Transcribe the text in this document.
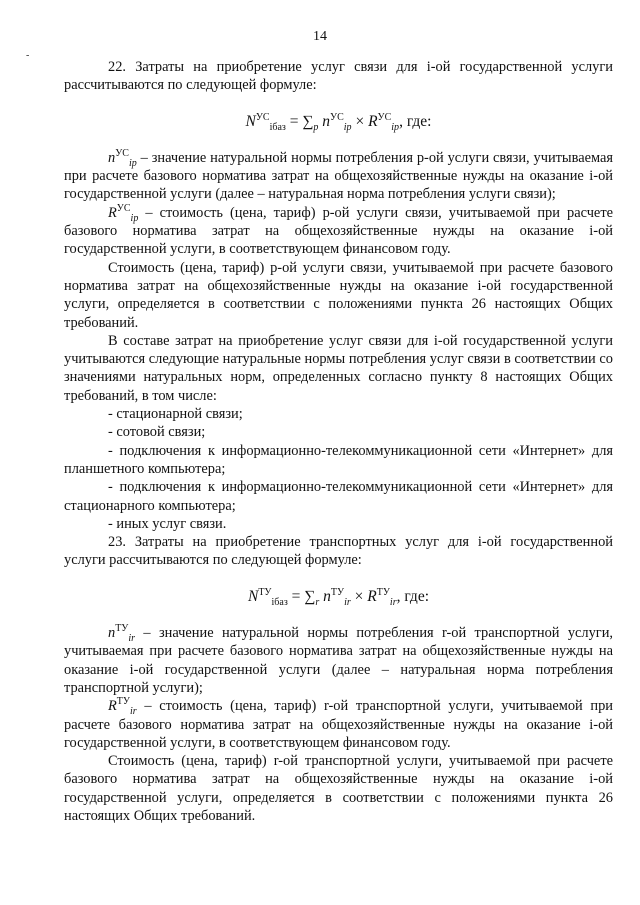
14
-

22. Затраты на приобретение услуг связи для i-ой государственной услуги рассчитываются по следующей формуле:

$N^{УС}_{iбаз} = \sum_p$ $n^{УС}_{ip} \times R^{УС}_{ip}$, где:

$n^{УС}_{ip}$ – значение натуральной нормы потребления p-ой услуги связи, учитываемая при расчете базового норматива затрат на общехозяйственные нужды на оказание i-ой государственной услуги (далее – натуральная норма потребления услуги связи);

$R^{УС}_{ip}$ – стоимость (цена, тариф) p-ой услуги связи, учитываемой при расчете базового норматива затрат на общехозяйственные нужды на оказание i-ой государственной услуги, в соответствующем финансовом году.

Стоимость (цена, тариф) p-ой услуги связи, учитываемой при расчете базового норматива затрат на общехозяйственные нужды на оказание i-ой государственной услуги, определяется в соответствии с положениями пункта 26 настоящих Общих требований.

В составе затрат на приобретение услуг связи для i-ой государственной услуги учитываются следующие натуральные нормы потребления услуг связи в соответствии со значениями натуральных норм, определенных согласно пункту 8 настоящих Общих требований, в том числе:

- стационарной связи;

- сотовой связи;

- подключения к информационно-телекоммуникационной сети «Интернет» для планшетного компьютера;

- подключения к информационно-телекоммуникационной сети «Интернет» для стационарного компьютера;

- иных услуг связи.

23. Затраты на приобретение транспортных услуг для i-ой государственной услуги рассчитываются по следующей формуле:

$N^{ТУ}_{iбаз} = \sum_r$ $n^{ТУ}_{ir} \times R^{ТУ}_{ir}$, где:

$n^{ТУ}_{ir}$ – значение натуральной нормы потребления r-ой транспортной услуги, учитываемая при расчете базового норматива затрат на общехозяйственные нужды на оказание i-ой государственной услуги (далее – натуральная норма потребления транспортной услуги);

$R^{ТУ}_{ir}$ – стоимость (цена, тариф) r-ой транспортной услуги, учитываемой при расчете базового норматива затрат на общехозяйственные нужды на оказание i-ой государственной услуги, в соответствующем финансовом году.

Стоимость (цена, тариф) r-ой транспортной услуги, учитываемой при расчете базового норматива затрат на общехозяйственные нужды на оказание i-ой государственной услуги, определяется в соответствии с положениями пункта 26 настоящих Общих требований.
